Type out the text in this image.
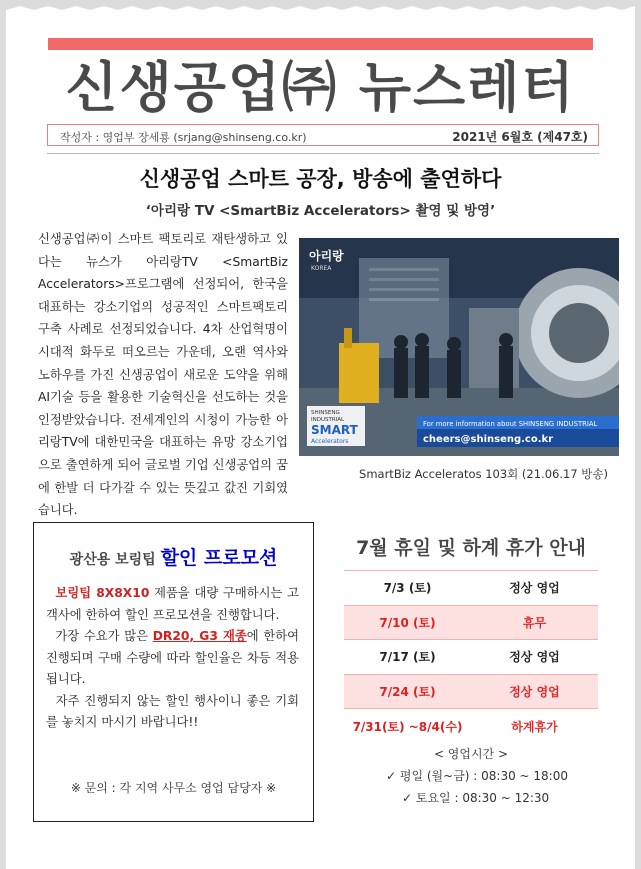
신생공업㈜ 뉴스레터
작성자 : 영업부 장세룡 (srjang@shinseng.co.kr)	2021년 6월호 (제47호)
신생공업 스마트 공장, 방송에 출연하다
‘아리랑 TV <SmartBiz Accelerators> 촬영 및 방영’
신생공업㈜이 스마트 팩토리로 재탄생하고 있다는 뉴스가 아리랑TV <SmartBiz Accelerators>프로그램에 선정되어, 한국을 대표하는 강소기업의 성공적인 스마트팩토리 구축 사례로 선정되었습니다. 4차 산업혁명이 시대적 화두로 떠오르는 가운데, 오랜 역사와 노하우를 가진 신생공업이 새로운 도약을 위해 AI기술 등을 활용한 기술혁신을 선도하는 것을 인정받았습니다. 전세계인의 시청이 가능한 아리랑TV에 대한민국을 대표하는 유망 강소기업으로 출연하게 되어 글로벌 기업 신생공업의 꿈에 한발 더 다가갈 수 있는 뜻깊고 값진 기회였습니다.
아리랑
KOREA
SHINSENG
INDUSTRIAL
SMART
Accelerators
For more information about SHINSENG INDUSTRIAL
cheers@shinseng.co.kr
SmartBiz Acceleratos 103회 (21.06.17 방송)
광산용 보링팁 할인 프로모션
보링팁 8X8X10 제품을 대량 구매하시는 고객사에 한하여 할인 프로모션을 진행합니다.
가장 수요가 많은 DR20, G3 재종에 한하여 진행되며 구매 수량에 따라 할인율은 차등 적용 됩니다.
자주 진행되지 않는 할인 행사이니 좋은 기회를 놓치지 마시기 바랍니다!!
※ 문의 : 각 지역 사무소 영업 담당자 ※
7월 휴일 및 하계 휴가 안내
7/3 (토)	정상 영업
7/10 (토)	휴무
7/17 (토)	정상 영업
7/24 (토)	정상 영업
7/31(토) ~8/4(수)	하계휴가
< 영업시간 >
✓ 평일 (월~금) : 08:30 ~ 18:00
✓ 토요일 : 08:30 ~ 12:30
